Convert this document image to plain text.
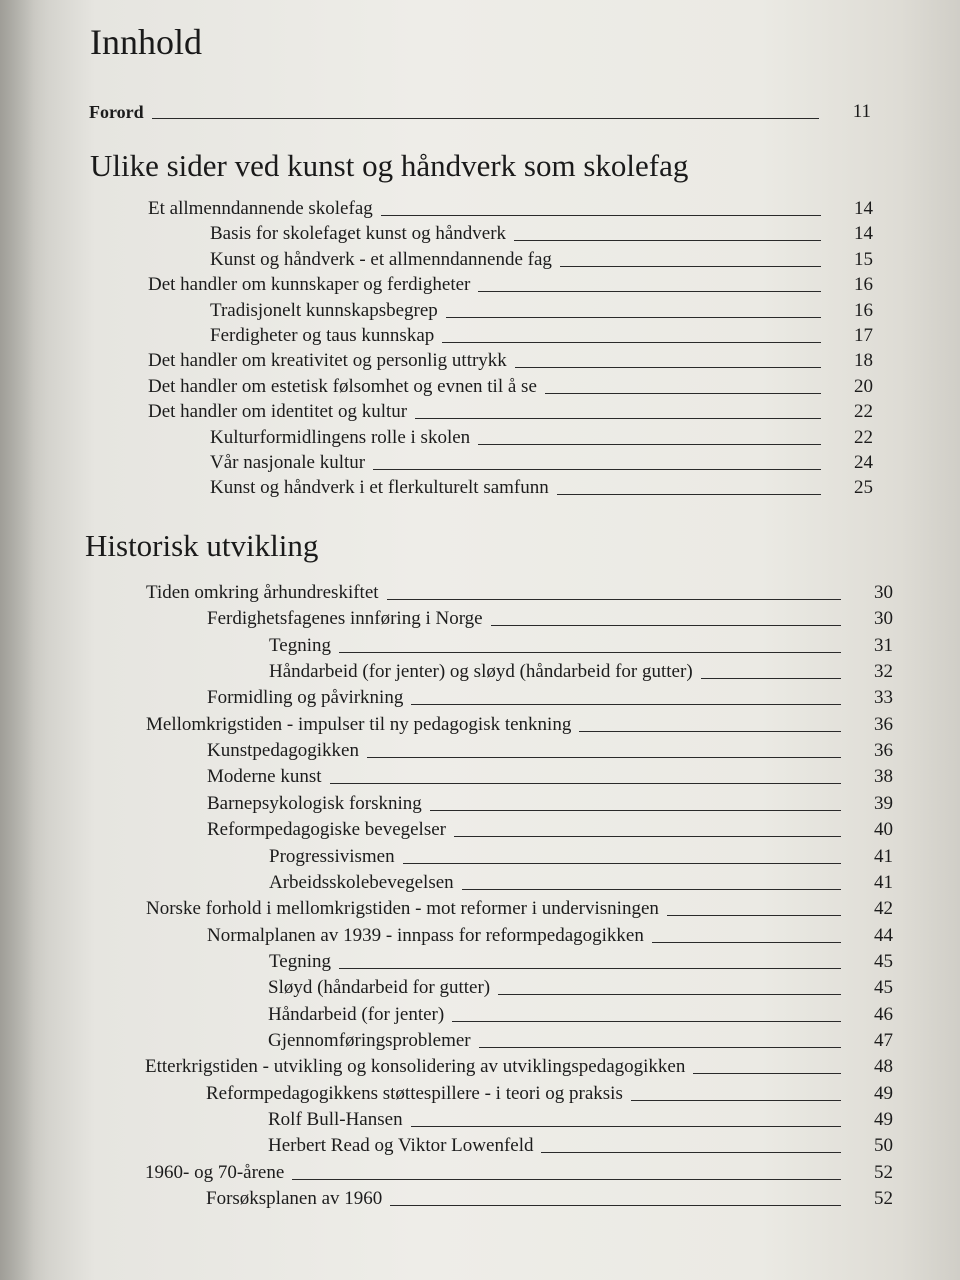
Innhold
Forord	11
Ulike sider ved kunst og håndverk som skolefag
Et allmenndannende skolefag	14
Basis for skolefaget kunst og håndverk	14
Kunst og håndverk - et allmenndannende fag	15
Det handler om kunnskaper og ferdigheter	16
Tradisjonelt kunnskapsbegrep	16
Ferdigheter og taus kunnskap	17
Det handler om kreativitet og personlig uttrykk	18
Det handler om estetisk følsomhet og evnen til å se	20
Det handler om identitet og kultur	22
Kulturformidlingens rolle i skolen	22
Vår nasjonale kultur	24
Kunst og håndverk i et flerkulturelt samfunn	25
Historisk utvikling
Tiden omkring århundreskiftet	30
Ferdighetsfagenes innføring i Norge	30
Tegning	31
Håndarbeid (for jenter) og sløyd (håndarbeid for gutter)	32
Formidling og påvirkning	33
Mellomkrigstiden - impulser til ny pedagogisk tenkning	36
Kunstpedagogikken	36
Moderne kunst	38
Barnepsykologisk forskning	39
Reformpedagogiske bevegelser	40
Progressivismen	41
Arbeidsskolebevegelsen	41
Norske forhold i mellomkrigstiden - mot reformer i undervisningen	42
Normalplanen av 1939 - innpass for reformpedagogikken	44
Tegning	45
Sløyd (håndarbeid for gutter)	45
Håndarbeid (for jenter)	46
Gjennomføringsproblemer	47
Etterkrigstiden - utvikling og konsolidering av utviklingspedagogikken	48
Reformpedagogikkens støttespillere - i teori og praksis	49
Rolf Bull-Hansen	49
Herbert Read og Viktor Lowenfeld	50
1960- og 70-årene	52
Forsøksplanen av 1960	52
